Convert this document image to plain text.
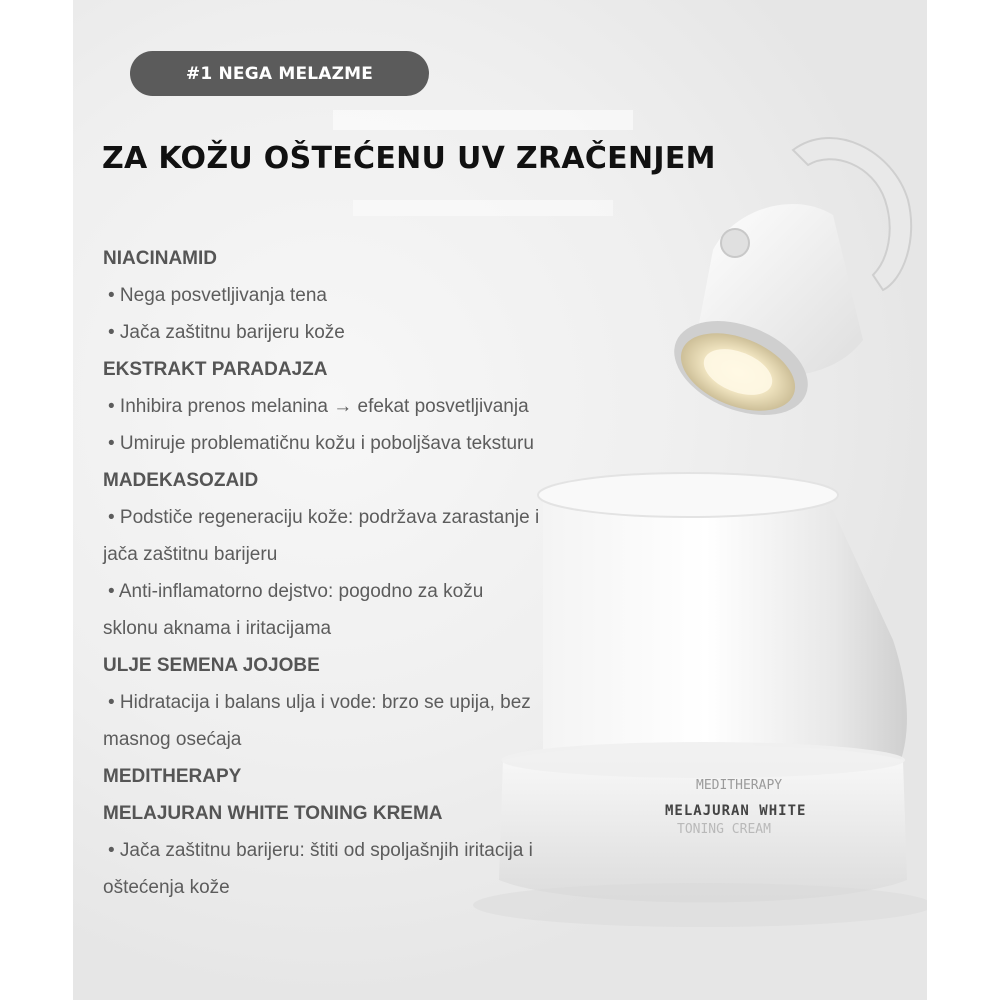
MEDITHERAPY
MELAJURAN WHITE
TONING CREAM
#1 NEGA MELAZME
ZA KOŽU OŠTEĆENU UV ZRAČENJEM

NIACINAMID

• Nega posvetljivanja tena

• Jača zaštitnu barijeru kože

EKSTRAKT PARADAJZA

• Inhibira prenos melanina → efekat posvetljivanja

• Umiruje problematičnu kožu i poboljšava teksturu

MADEKASOZAID

• Podstiče regeneraciju kože: podržava zarastanje i

jača zaštitnu barijeru

• Anti-inflamatorno dejstvo: pogodno za kožu

sklonu aknama i iritacijama

ULJE SEMENA JOJOBE

• Hidratacija i balans ulja i vode: brzo se upija, bez

masnog osećaja

MEDITHERAPY

MELAJURAN WHITE TONING KREMA

• Jača zaštitnu barijeru: štiti od spoljašnjih iritacija i

oštećenja kože
